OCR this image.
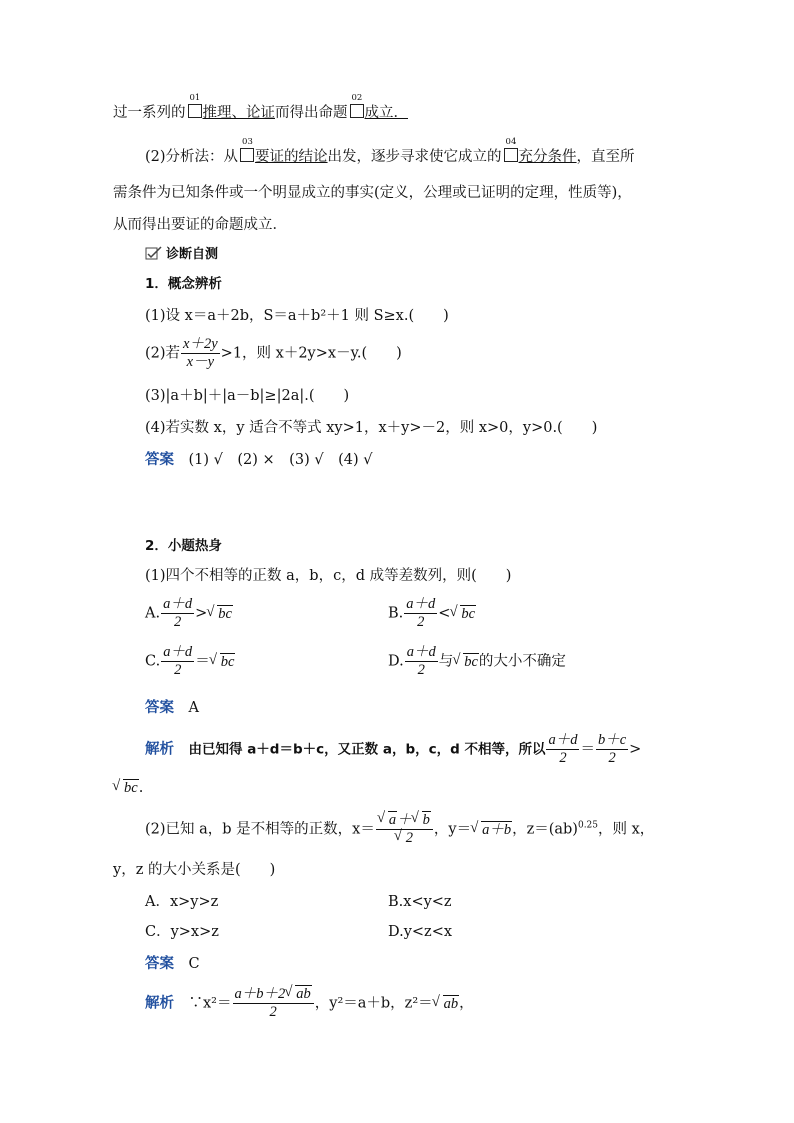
过一系列的
01
推理、论证而得出命题
02
成立．
(2)分析法：从
03
要证的结论出发，逐步寻求使它成立的
04
充分条件，直至所
需条件为已知条件或一个明显成立的事实(定义，公理或已证明的定理，性质等)，
从而得出要证的命题成立．
诊断自测
1．概念辨析
(1)设 x＝a＋2b，S＝a＋b²＋1 则 S≥x.(　　)
(2)若 $\frac{x+2y}{x-y} >1$，则 x＋2y>x－y.(　　)
(3)|a＋b|＋|a－b|≥|2a|.(　　)
(4)若实数 x，y 适合不等式 xy>1，x＋y>－2，则 x>0，y>0.(　　)
答案　 (1) √　(2) ×　(3) √　(4) √
2．小题热身
(1)四个不相等的正数 a，b，c，d 成等差数列，则(　　)
A. $\frac{a+d}{2}$ > √ bc	B. $\frac{a+d}{2}$ < √ bc
C. $\frac{a+d}{2}$ ＝ √ bc	D. $\frac{a+d}{2}$ 与 √ bc的大小不确定
答案　 A
解析　 由已知得 a＋d＝b＋c，又正数 a，b，c，d 不相等，所以 $\frac{a+d}{2} = \frac{b+c}{2}$ >
√ bc.
(2)已知 a，b 是不相等的正数，x＝ √ a＋ √ b
√ 2 ，y＝ √ a＋b，z＝(ab)$^{0.25}$，则 x，
y，z 的大小关系是(　　)
A．x>y>z	B.x<y<z
C．y>x>z	D.y<z<x
答案　 C
解析　 ∵x²＝ $\frac{a+b+2 √ ab}{2}$ ，y²＝a＋b，z²＝ √ ab，
